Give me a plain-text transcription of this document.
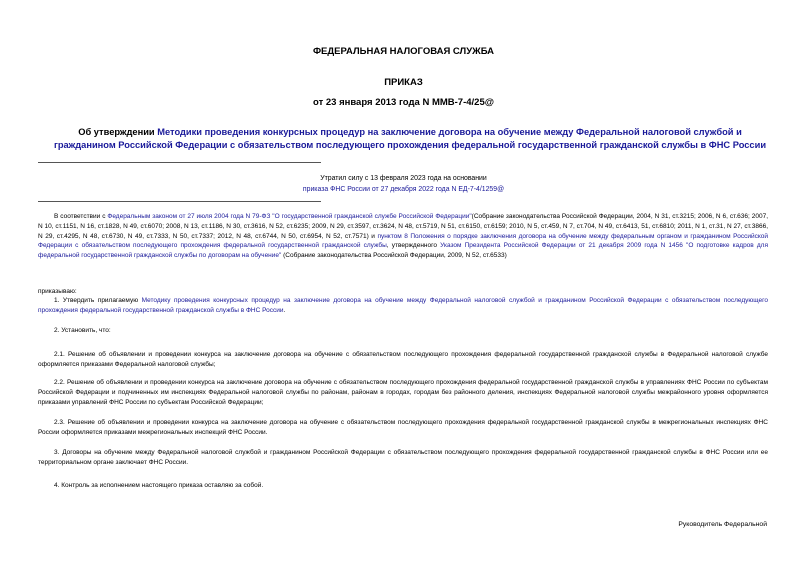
ФЕДЕРАЛЬНАЯ НАЛОГОВАЯ СЛУЖБА
ПРИКАЗ
от 23 января 2013 года N ММВ-7-4/25@
Об утверждении Методики проведения конкурсных процедур на заключение договора на обучение между Федеральной налоговой службой и гражданином Российской Федерации с обязательством последующего прохождения федеральной государственной гражданской службы в ФНС России
Утратил силу с 13 февраля 2023 года на основании
приказа ФНС России от 27 декабря 2022 года N ЕД-7-4/1259@

В соответствии с Федеральным законом от 27 июля 2004 года N 79-ФЗ "О государственной гражданской службе Российской Федерации"(Собрание законодательства Российской Федерации, 2004, N 31, ст.3215; 2006, N 6, ст.636; 2007, N 10, ст.1151, N 16, ст.1828, N 49, ст.6070; 2008, N 13, ст.1186, N 30, ст.3616, N 52, ст.6235; 2009, N 29, ст.3597, ст.3624, N 48, ст.5719, N 51, ст.6150, ст.6159; 2010, N 5, ст.459, N 7, ст.704, N 49, ст.6413, 51, ст.6810; 2011, N 1, ст.31, N 27, ст.3866, N 29, ст.4295, N 48, ст.6730, N 49, ст.7333, N 50, ст.7337; 2012, N 48, ст.6744, N 50, ст.6954, N 52, ст.7571) и пунктом 8 Положения о порядке заключения договора на обучение между федеральным органом и гражданином Российской Федерации с обязательством последующего прохождения федеральной государственной гражданской службы, утвержденного Указом Президента Российской Федерации от 21 декабря 2009 года N 1456 "О подготовке кадров для федеральной государственной гражданской службы по договорам на обучение" (Собрание законодательства Российской Федерации, 2009, N 52, ст.6533)

приказываю:

1. Утвердить прилагаемую Методику проведения конкурсных процедур на заключение договора на обучение между Федеральной налоговой службой и гражданином Российской Федерации с обязательством последующего прохождения федеральной государственной гражданской службы в ФНС России.

2. Установить, что:

2.1. Решение об объявлении и проведении конкурса на заключение договора на обучение с обязательством последующего прохождения федеральной государственной гражданской службы в Федеральной налоговой службе оформляется приказами Федеральной налоговой службы;

2.2. Решение об объявлении и проведении конкурса на заключение договора на обучение с обязательством последующего прохождения федеральной государственной гражданской службы в управлениях ФНС России по субъектам Российской Федерации и подчиненных им инспекциях Федеральной налоговой службы по районам, районам в городах, городам без районного деления, инспекциях Федеральной налоговой службы межрайонного уровня оформляется приказами управлений ФНС России по субъектам Российской Федерации;

2.3. Решение об объявлении и проведении конкурса на заключение договора на обучение с обязательством последующего прохождения федеральной государственной гражданской службы в межрегиональных инспекциях ФНС России оформляется приказами межрегиональных инспекций ФНС России.

3. Договоры на обучение между Федеральной налоговой службой и гражданином Российской Федерации с обязательством последующего прохождения федеральной государственной гражданской службы в ФНС России или ее территориальном органе заключает ФНС России.

4. Контроль за исполнением настоящего приказа оставляю за собой.

Руководитель Федеральной
